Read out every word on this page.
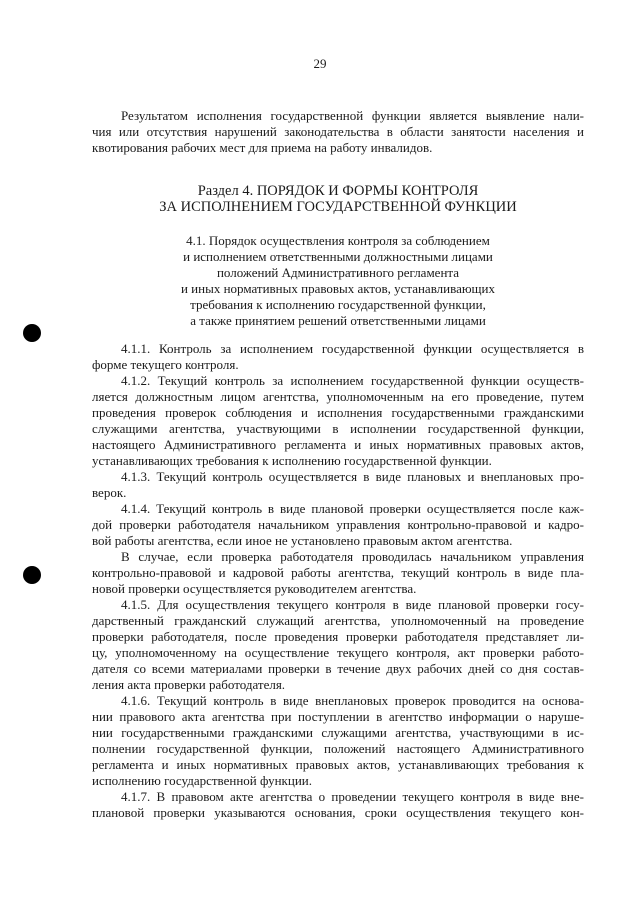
29
Результатом исполнения государственной функции является выявление нали-
чия или отсутствия нарушений законодательства в области занятости населения и
квотирования рабочих мест для приема на работу инвалидов.
Раздел 4. ПОРЯДОК И ФОРМЫ КОНТРОЛЯ
ЗА ИСПОЛНЕНИЕМ ГОСУДАРСТВЕННОЙ ФУНКЦИИ
4.1. Порядок осуществления контроля за соблюдением
и исполнением ответственными должностными лицами
положений Административного регламента
и иных нормативных правовых актов, устанавливающих
требования к исполнению государственной функции,
а также принятием решений ответственными лицами
4.1.1. Контроль за исполнением государственной функции осуществляется в
форме текущего контроля.
4.1.2. Текущий контроль за исполнением государственной функции осуществ-
ляется должностным лицом агентства, уполномоченным на его проведение, путем
проведения проверок соблюдения и исполнения государственными гражданскими
служащими агентства, участвующими в исполнении государственной функции,
настоящего Административного регламента и иных нормативных правовых актов,
устанавливающих требования к исполнению государственной функции.
4.1.3. Текущий контроль осуществляется в виде плановых и внеплановых про-
верок.
4.1.4. Текущий контроль в виде плановой проверки осуществляется после каж-
дой проверки работодателя начальником управления контрольно-правовой и кадро-
вой работы агентства, если иное не установлено правовым актом агентства.
В случае, если проверка работодателя проводилась начальником управления
контрольно-правовой и кадровой работы агентства, текущий контроль в виде пла-
новой проверки осуществляется руководителем агентства.
4.1.5. Для осуществления текущего контроля в виде плановой проверки госу-
дарственный гражданский служащий агентства, уполномоченный на проведение
проверки работодателя, после проведения проверки работодателя представляет ли-
цу, уполномоченному на осуществление текущего контроля, акт проверки работо-
дателя со всеми материалами проверки в течение двух рабочих дней со дня состав-
ления акта проверки работодателя.
4.1.6. Текущий контроль в виде внеплановых проверок проводится на основа-
нии правового акта агентства при поступлении в агентство информации о наруше-
нии государственными гражданскими служащими агентства, участвующими в ис-
полнении государственной функции, положений настоящего Административного
регламента и иных нормативных правовых актов, устанавливающих требования к
исполнению государственной функции.
4.1.7. В правовом акте агентства о проведении текущего контроля в виде вне-
плановой проверки указываются основания, сроки осуществления текущего кон-
